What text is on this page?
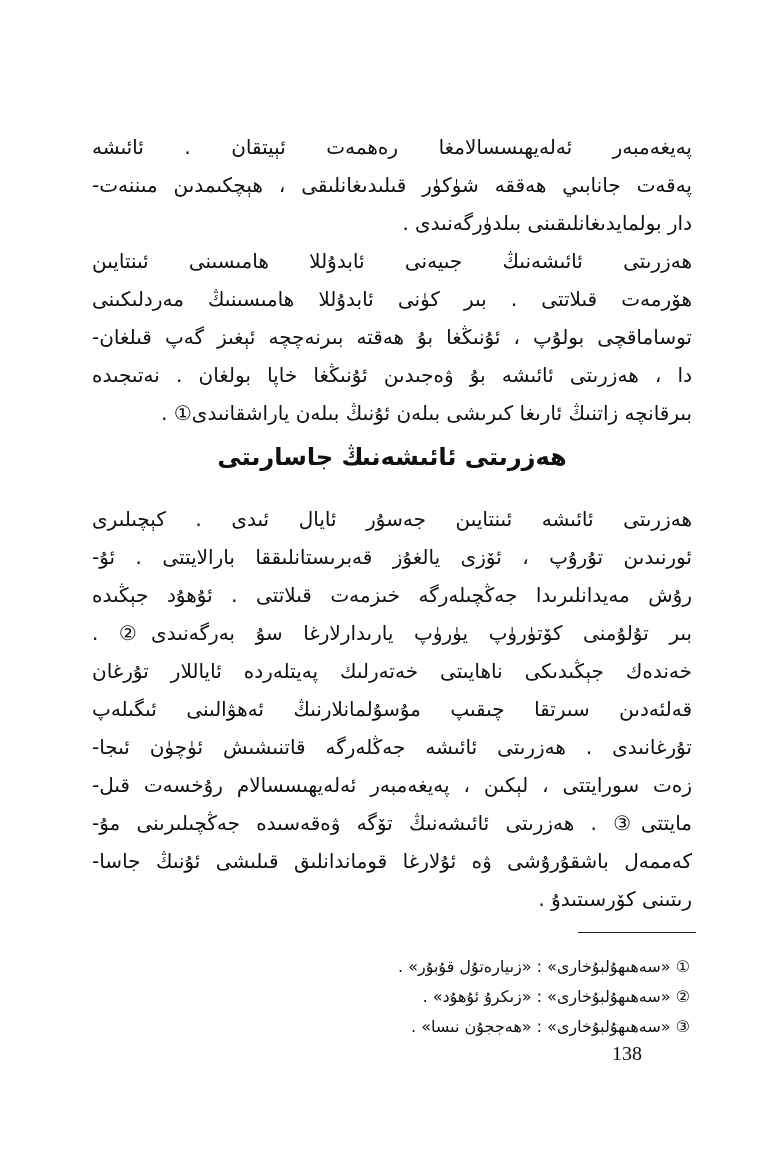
پەيغەمبەر ئەلەيھىسسالامغا رەھمەت ئېيتقان . ئائىشە
پەقەت جانابىي ھەققە شۈكۈر قىلىدىغانلىقى ، ھېچكىمدىن مىننەت-
دار بولمايدىغانلىقىنى بىلدۈرگەنىدى .
ھەزرىتى ئائىشەنىڭ جىيەنى ئابدۇللا ھامىسىنى ئىنتايىن
ھۆرمەت قىلاتتى . بىر كۈنى ئابدۇللا ھامىسىنىڭ مەردلىكىنى
توساماقچى بولۇپ ، ئۇنىڭغا بۇ ھەقتە بىرنەچچە ئېغىز گەپ قىلغان-
دا ، ھەزرىتى ئائىشە بۇ ۋەجىدىن ئۇنىڭغا خاپا بولغان . نەتىجىدە
بىرقانچە زاتنىڭ ئارىغا كىرىشى بىلەن ئۇنىڭ بىلەن ياراشقانىدى① .
ھەزرىتى ئائىشەنىڭ جاسارىتى
ھەزرىتى ئائىشە ئىنتايىن جەسۇر ئايال ئىدى . كېچىلىرى
ئورنىدىن تۇرۇپ ، ئۆزى يالغۇز قەبرىستانلىققا بارالايتتى . ئۇ-
رۇش مەيدانلىرىدا جەڭچىلەرگە خىزمەت قىلاتتى . ئۇھۇد جېڭىدە
بىر تۇلۇمنى كۆتۈرۈپ يۈرۈپ يارىدارلارغا سۇ بەرگەنىدى② .
خەندەك جېڭىدىكى ناھايىتى خەتەرلىك پەيتلەردە ئاياللار تۇرغان
قەلئەدىن سىرتقا چىقىپ مۇسۇلمانلارنىڭ ئەھۋالىنى ئىگىلەپ
تۇرغانىدى . ھەزرىتى ئائىشە جەڭلەرگە قاتنىشىش ئۈچۈن ئىجا-
زەت سورايتتى ، لېكىن ، پەيغەمبەر ئەلەيھىسسالام رۇخسەت قىل-
مايتتى③ . ھەزرىتى ئائىشەنىڭ تۆگە ۋەقەسىدە جەڭچىلىرىنى مۇ-
كەممەل باشقۇرۇشى ۋە ئۇلارغا قوماندانلىق قىلىشى ئۇنىڭ جاسا-
رىتىنى كۆرسىتىدۇ .
① «سەھىھۇلبۇخارى» : «زىيارەتۇل قۇبۇر» .
② «سەھىھۇلبۇخارى» : «زىكرۇ ئۇھۇد» .
③ «سەھىھۇلبۇخارى» : «ھەججۇن نىسا» .
138
